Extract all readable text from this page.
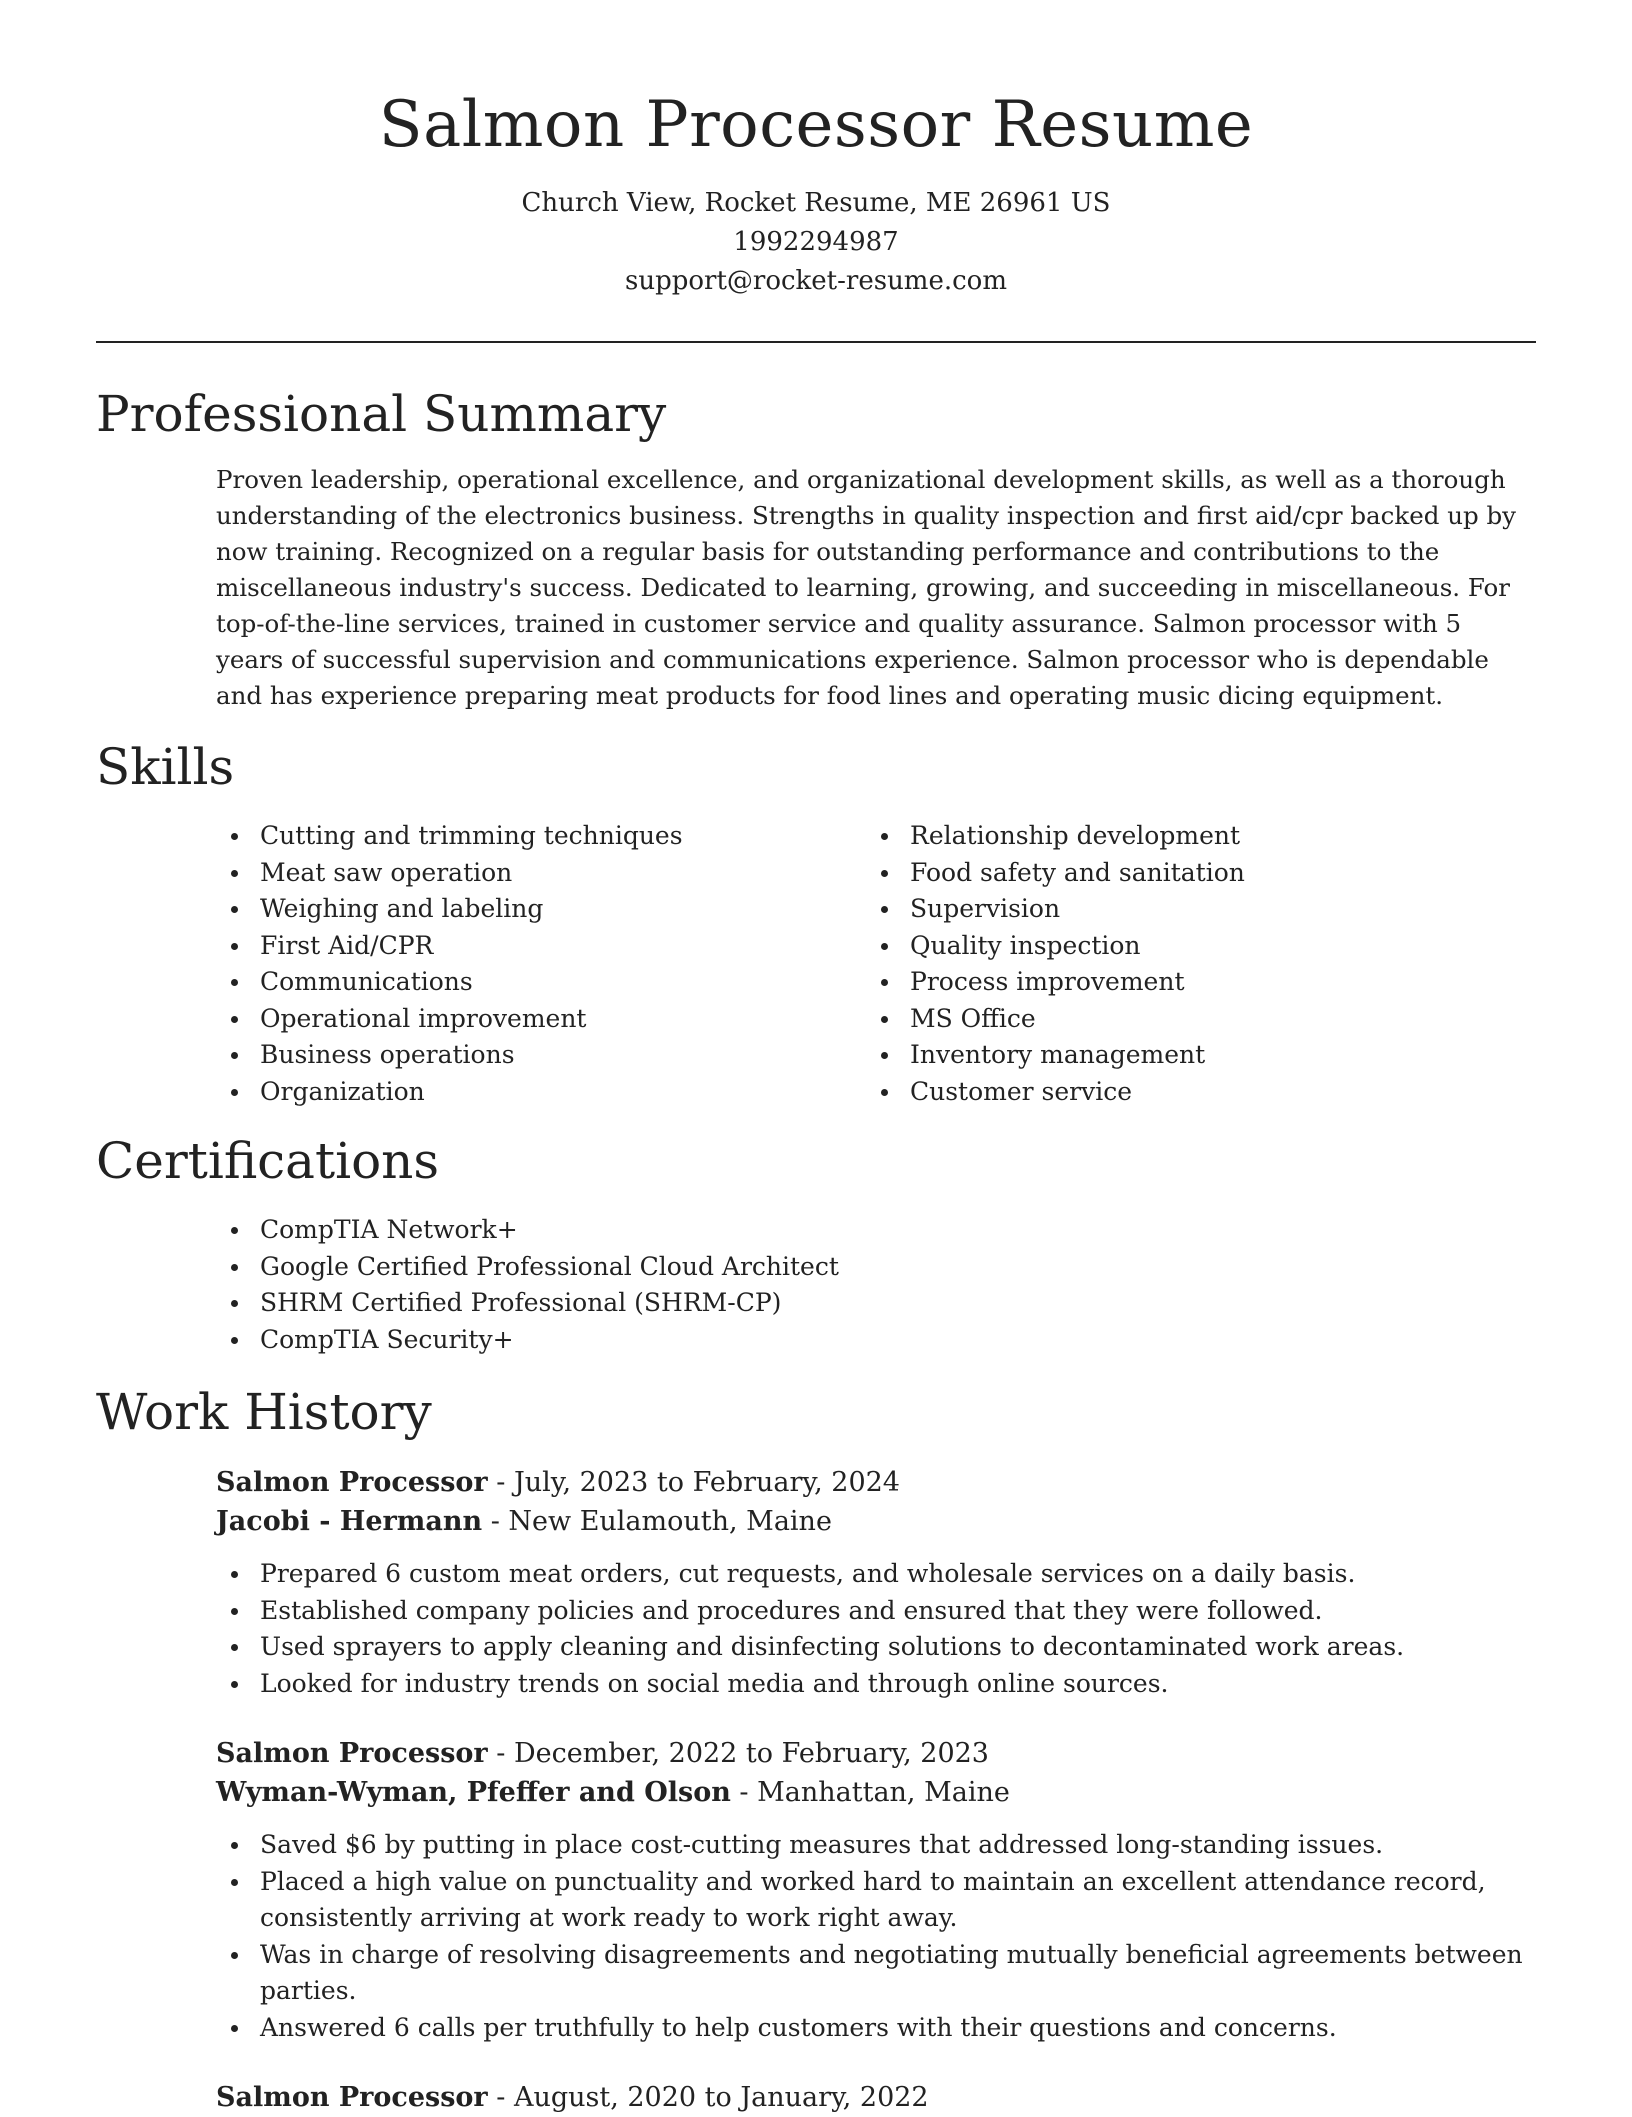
Salmon Processor Resume
Church View, Rocket Resume, ME 26961 US
1992294987
support@rocket-resume.com
Professional Summary

Proven leadership, operational excellence, and organizational development skills, as well as a thorough understanding of the electronics business. Strengths in quality inspection and first aid/cpr backed up by now training. Recognized on a regular basis for outstanding performance and contributions to the miscellaneous industry's success. Dedicated to learning, growing, and succeeding in miscellaneous. For top-of-the-line services, trained in customer service and quality assurance. Salmon processor with 5 years of successful supervision and communications experience. Salmon processor who is dependable and has experience preparing meat products for food lines and operating music dicing equipment.

Skills
Cutting and trimming techniques
Meat saw operation
Weighing and labeling
First Aid/CPR
Communications
Operational improvement
Business operations
Organization
Relationship development
Food safety and sanitation
Supervision
Quality inspection
Process improvement
MS Office
Inventory management
Customer service
Certifications
CompTIA Network+
Google Certified Professional Cloud Architect
SHRM Certified Professional (SHRM-CP)
CompTIA Security+
Work History

Salmon Processor - July, 2023 to February, 2024

Jacobi - Hermann - New Eulamouth, Maine

Prepared 6 custom meat orders, cut requests, and wholesale services on a daily basis.
Established company policies and procedures and ensured that they were followed.
Used sprayers to apply cleaning and disinfecting solutions to decontaminated work areas.
Looked for industry trends on social media and through online sources.

Salmon Processor - December, 2022 to February, 2023

Wyman-Wyman, Pfeffer and Olson - Manhattan, Maine

Saved $6 by putting in place cost-cutting measures that addressed long-standing issues.
Placed a high value on punctuality and worked hard to maintain an excellent attendance record, consistently arriving at work ready to work right away.
Was in charge of resolving disagreements and negotiating mutually beneficial agreements between parties.
Answered 6 calls per truthfully to help customers with their questions and concerns.

Salmon Processor - August, 2020 to January, 2022
